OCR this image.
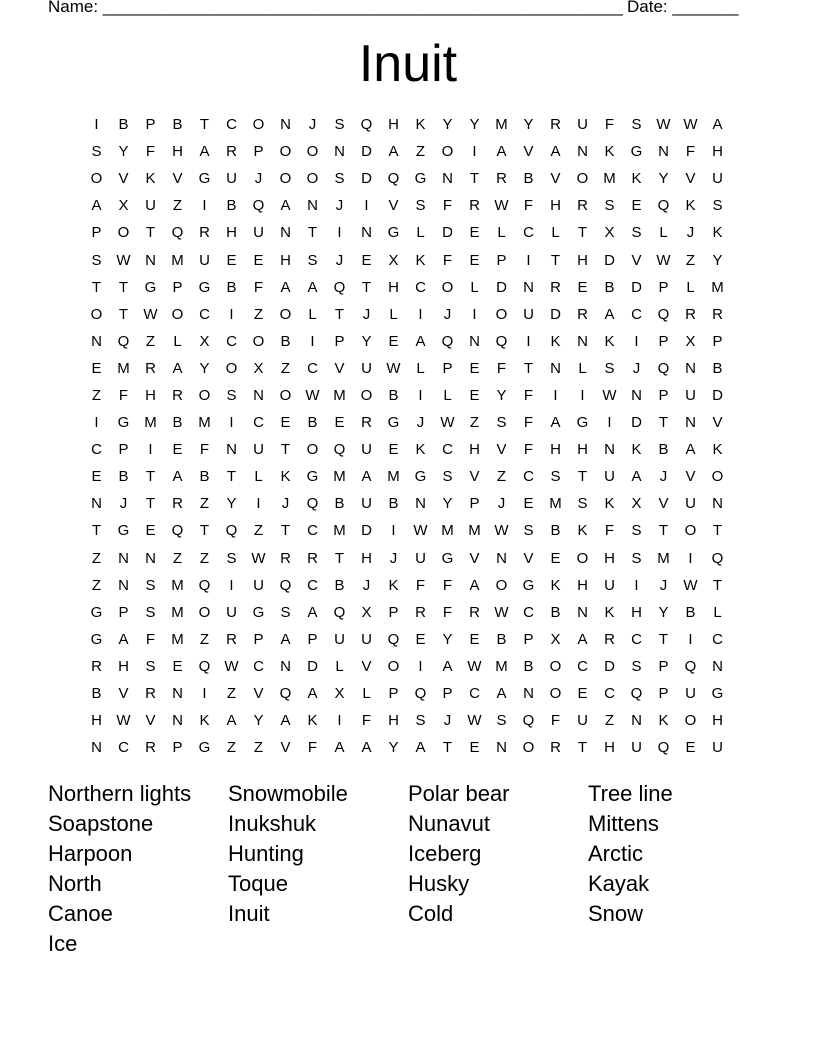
Name: _______________________________________________________ Date: _______
Inuit
I	B	P	B	T	C	O	N	J	S	Q	H	K	Y	Y	M	Y	R	U	F	S W W A
S	Y	F	H	A	R	P	O	O	N	D	A	Z	O	I	A	V	A	N	K	G	N	F	H
O	V	K	V	G	U	J	O	O	S	D	Q	G	N	T	R	B	V	O M	K	Y	V	U
A	X	U	Z	I	B	Q	A	N	J	I	V	S	F	R W	F	H	R	S	E	Q	K	S
P	O	T	Q	R	H	U	N	T	I	N	G	L	D	E	L	C	L	T	X	S	L	J	K
S W N	M	U	E	E	H	S	J	E	X	K	F	E	P	I	T	H	D	V W	Z	Y
T	T	G	P	G	B	F	A	A	Q	T	H	C	O	L	D	N	R	E	B	D	P	L	M
O	T	W O	C	I	Z	O	L	T	J	L	I	J	I	O	U	D	R	A	C	Q	R	R
N	Q	Z	L	X	C	O	B	I	P	Y	E	A	Q	N	Q	I	K	N	K	I	P	X	P
E	M	R	A	Y	O	X	Z	C	V	U W	L	P	E	F	T	N	L	S	J	Q	N	B
Z	F	H	R	O	S	N	O W M O	B	I	L	E	Y	F	I	I	W N	P	U	D
I	G M	B	M	I	C	E	B	E	R	G	J	W	Z	S	F	A	G	I	D	T	N	V
C	P	I	E	F	N	U	T	O	Q	U	E	K	C	H	V	F	H	H	N	K	B	A	K
E	B	T	A	B	T	L	K	G M	A	M G	S	V	Z	C	S	T	U	A	J	V	O
N	J	T	R	Z	Y	I	J	Q	B	U	B	N	Y	P	J	E	M	S	K	X	V	U	N
T	G	E	Q	T	Q	Z	T	C	M	D	I	W M M W S	B	K	F	S	T	O	T
Z	N	N	Z	Z	S W R	R	T	H	J	U	G	V	N	V	E	O	H	S	M	I	Q
Z	N	S	M Q	I	U	Q	C	B	J	K	F	F	A	O	G	K	H	U	I	J	W	T
G	P	S	M O	U	G	S	A	Q	X	P	R	F	R W C	B	N	K	H	Y	B	L
G	A	F	M	Z	R	P	A	P	U	U	Q	E	Y	E	B	P	X	A	R	C	T	I	C
R	H	S	E	Q W C	N	D	L	V	O	I	A W M	B	O	C	D	S	P	Q	N
B	V	R	N	I	Z	V	Q	A	X	L	P	Q	P	C	A	N	O	E	C	Q	P	U	G
H W V	N	K	A	Y	A	K	I	F	H	S	J	W S	Q	F	U	Z	N	K	O	H
N	C	R	P	G	Z	Z	V	F	A	A	Y	A	T	E	N	O	R	T	H	U	Q	E	U
Northern lights	Snowmobile	Polar bear	Tree line
Soapstone	Inukshuk	Nunavut	Mittens
Harpoon	Hunting	Iceberg	Arctic
North	Toque	Husky	Kayak
Canoe	Inuit	Cold	Snow
Ice
